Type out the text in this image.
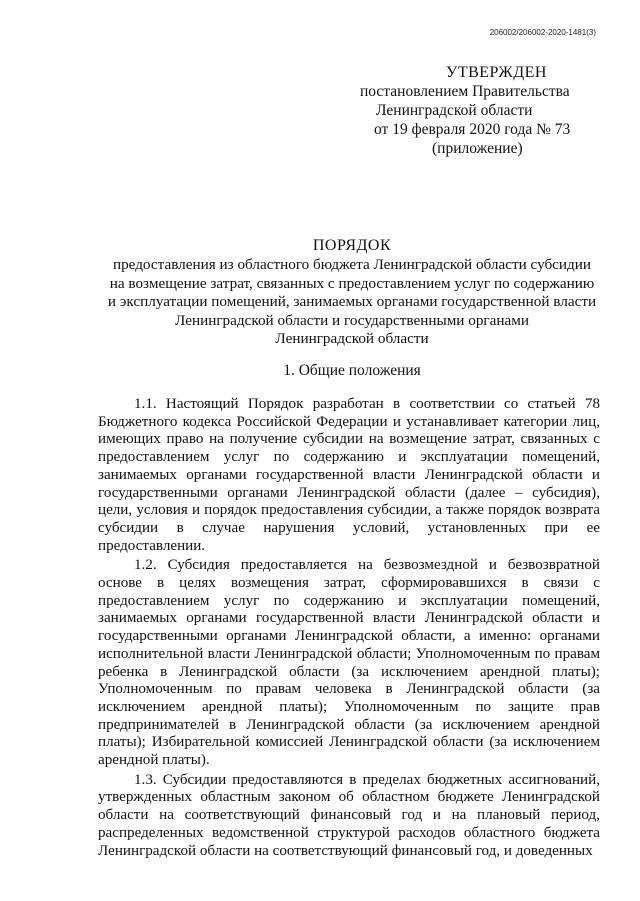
206002/206002-2020-1481(3)
УТВЕРЖДЕН
постановлением Правительства
Ленинградской области
от 19 февраля 2020 года № 73
(приложение)
ПОРЯДОК
предоставления из областного бюджета Ленинградской области субсидии
на возмещение затрат, связанных с предоставлением услуг по содержанию
и эксплуатации помещений, занимаемых органами государственной власти
Ленинградской области и государственными органами
Ленинградской области
1. Общие положения

1.1. Настоящий Порядок разработан в соответствии со статьей 78 Бюджетного кодекса Российской Федерации и устанавливает категории лиц, имеющих право на получение субсидии на возмещение затрат, связанных с предоставлением услуг по содержанию и эксплуатации помещений, занимаемых органами государственной власти Ленинградской области и государственными органами Ленинградской области (далее – субсидия), цели, условия и порядок предоставления субсидии, а также порядок возврата субсидии в случае нарушения условий, установленных при ее предоставлении.

1.2. Субсидия предоставляется на безвозмездной и безвозвратной основе в целях возмещения затрат, сформировавшихся в связи с предоставлением услуг по содержанию и эксплуатации помещений, занимаемых органами государственной власти Ленинградской области и государственными органами Ленинградской области, а именно: органами исполнительной власти Ленинградской области; Уполномоченным по правам ребенка в Ленинградской области (за исключением арендной платы); Уполномоченным по правам человека в Ленинградской области (за исключением арендной платы); Уполномоченным по защите прав предпринимателей в Ленинградской области (за исключением арендной платы); Избирательной комиссией Ленинградской области (за исключением арендной платы).

1.3. Субсидии предоставляются в пределах бюджетных ассигнований, утвержденных областным законом об областном бюджете Ленинградской области на соответствующий финансовый год и на плановый период, распределенных ведомственной структурой расходов областного бюджета Ленинградской области на соответствующий финансовый год, и доведенных
